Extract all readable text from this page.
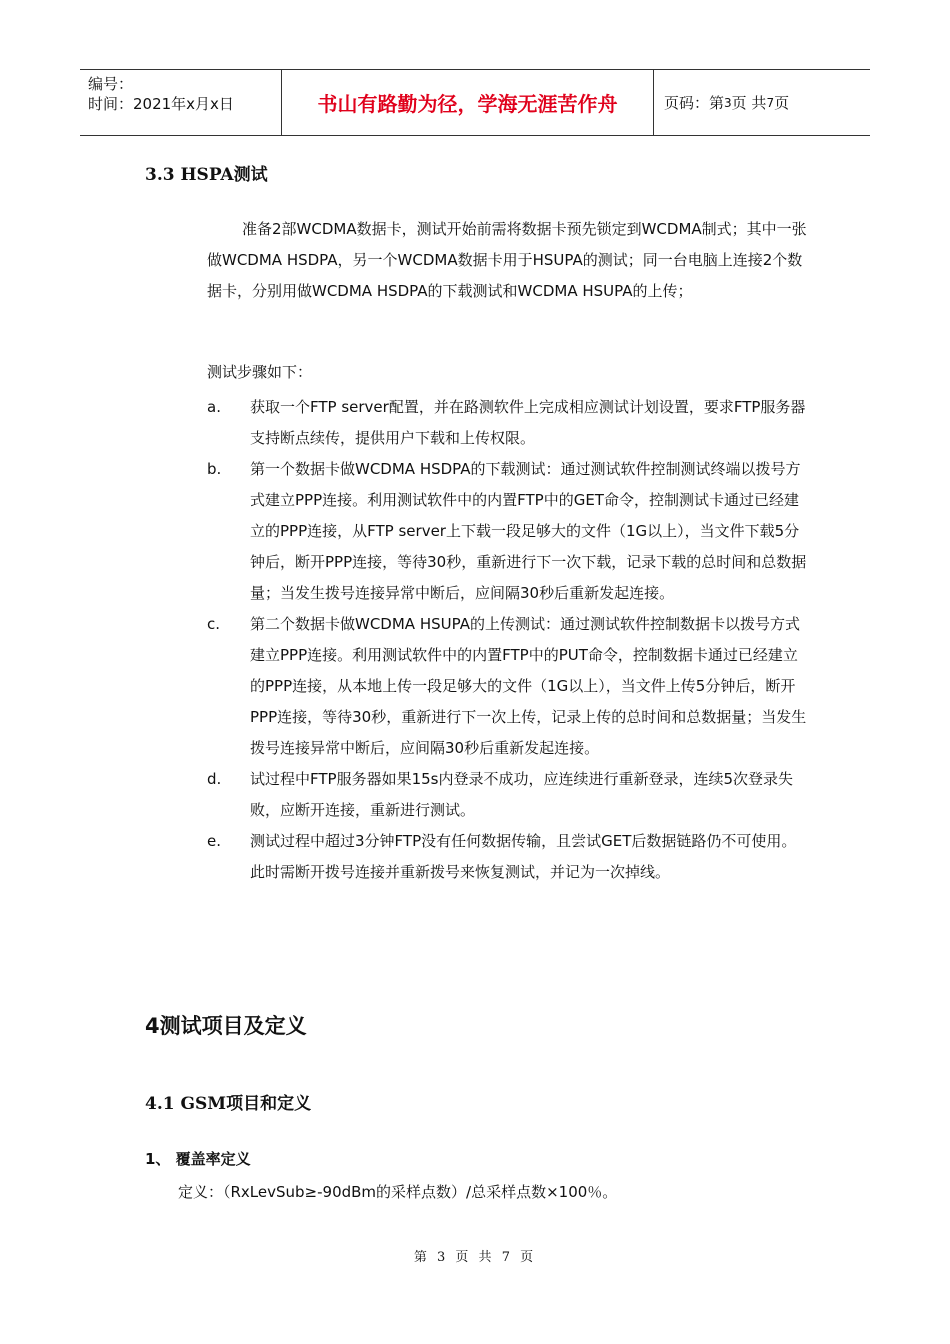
编号：
时间：2021年x月x日	书山有路勤为径，学海无涯苦作舟	页码：第 3 页 共 7 页
3.3 HSPA测试
准备2部WCDMA数据卡，测试开始前需将数据卡预先锁定到WCDMA制式；其中一张做WCDMA HSDPA，另一个WCDMA数据卡用于HSUPA的测试；同一台电脑上连接2个数据卡，分别用做WCDMA HSDPA的下载测试和WCDMA HSUPA的上传；
测试步骤如下：
a.	获取一个FTP server配置，并在路测软件上完成相应测试计划设置，要求FTP服务器支持断点续传，提供用户下载和上传权限。
b.	第一个数据卡做WCDMA HSDPA的下载测试：通过测试软件控制测试终端以拨号方式建立PPP连接。利用测试软件中的内置FTP中的GET命令，控制测试卡通过已经建立的PPP连接，从FTP server上下载一段足够大的文件（1G以上），当文件下载5分钟后，断开PPP连接，等待30秒，重新进行下一次下载，记录下载的总时间和总数据量；当发生拨号连接异常中断后，应间隔30秒后重新发起连接。
c.	第二个数据卡做WCDMA HSUPA的上传测试：通过测试软件控制数据卡以拨号方式建立PPP连接。利用测试软件中的内置FTP中的PUT命令，控制数据卡通过已经建立的PPP连接，从本地上传一段足够大的文件（1G以上），当文件上传5分钟后，断开PPP连接，等待30秒，重新进行下一次上传，记录上传的总时间和总数据量；当发生拨号连接异常中断后，应间隔30秒后重新发起连接。
d.	试过程中FTP服务器如果15s内登录不成功，应连续进行重新登录，连续5次登录失败，应断开连接，重新进行测试。
e.	测试过程中超过3分钟FTP没有任何数据传输，且尝试GET后数据链路仍不可使用。此时需断开拨号连接并重新拨号来恢复测试，并记为一次掉线。
4测试项目及定义
4.1 GSM项目和定义
1、 覆盖率定义
定义：（RxLevSub≥-90dBm的采样点数）/总采样点数×100％。
第 3 页 共 7 页
